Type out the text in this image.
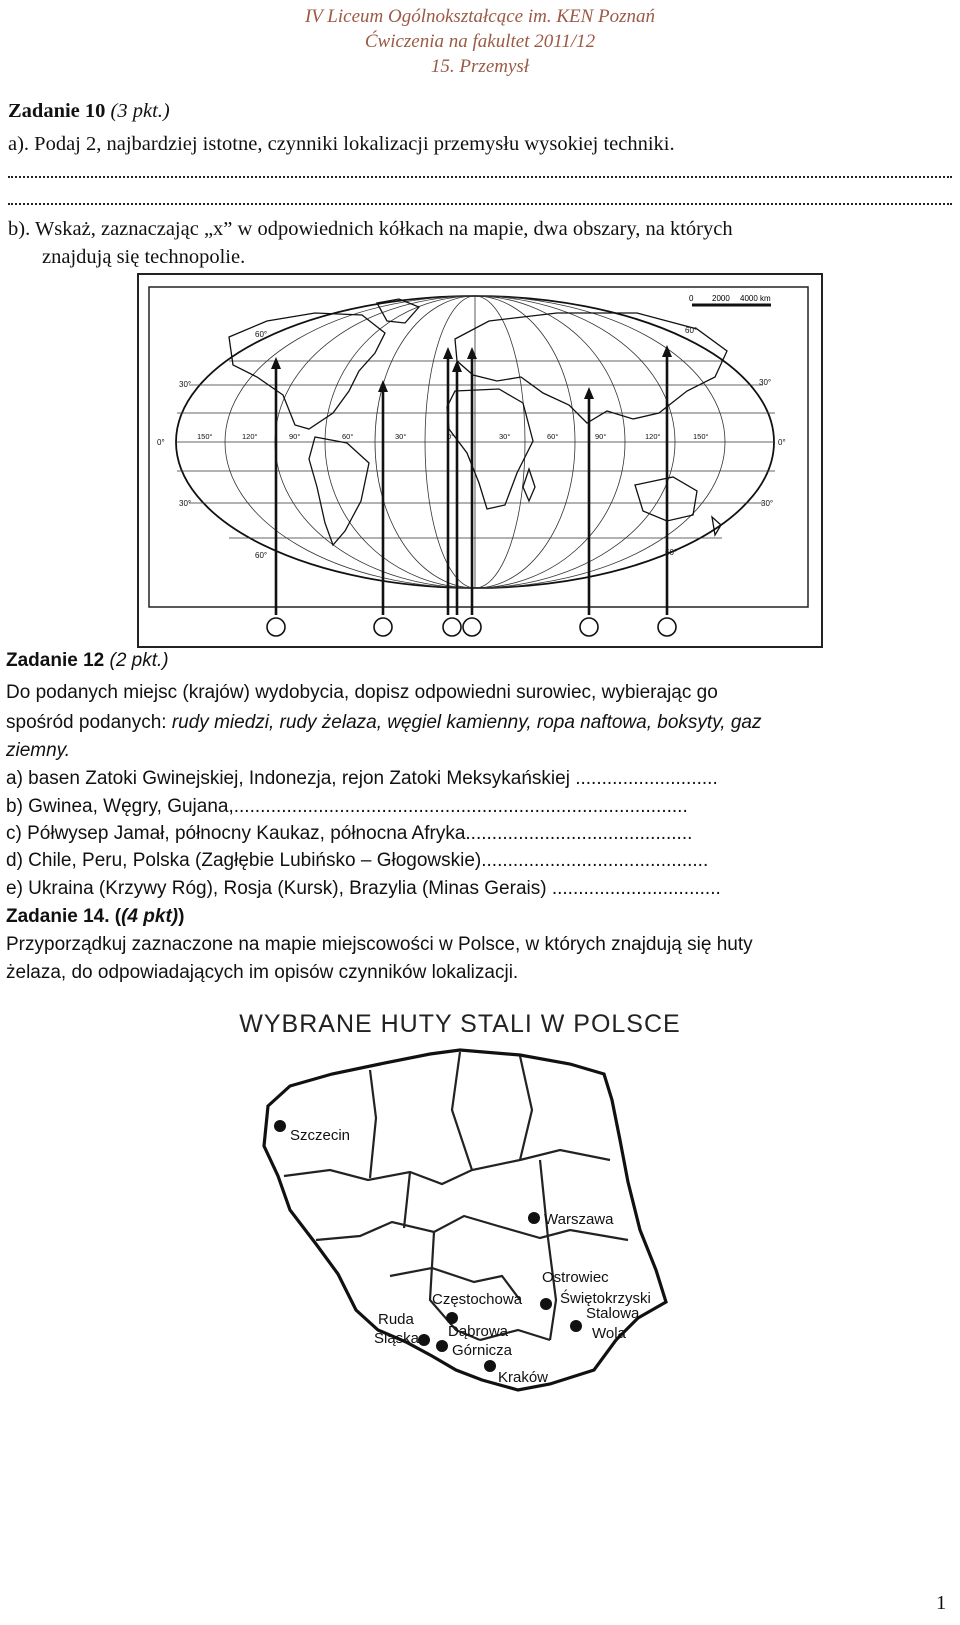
IV Liceum Ogólnokształcące im. KEN Poznań
Ćwiczenia na fakultet 2011/12
15. Przemysł
Zadanie 10 (3 pkt.)
a). Podaj 2, najbardziej istotne, czynniki lokalizacji przemysłu wysokiej techniki.
b). Wskaż, zaznaczając „x” w odpowiednich kółkach na mapie, dwa obszary, na których
znajdują się technopolie.
0 2000 4000 km
60°
30°
0°
30°
60°
60°
30°
0°
30°
60°
150°	120°	90°	60°	30°	0°	30°	60°	90°	120°	150°
Zadanie 12 (2 pkt.)
Do podanych miejsc (krajów) wydobycia, dopisz odpowiedni surowiec, wybierając go
spośród podanych: rudy miedzi, rudy żelaza, węgiel kamienny, ropa naftowa, boksyty, gaz
ziemny.
a) basen Zatoki Gwinejskiej, Indonezja, rejon Zatoki Meksykańskiej ...........................
b) Gwinea, Węgry, Gujana,......................................................................................
c) Półwysep Jamał, północny Kaukaz, północna Afryka...........................................
d) Chile, Peru, Polska (Zagłębie Lubińsko – Głogowskie)...........................................
e) Ukraina (Krzywy Róg), Rosja (Kursk), Brazylia (Minas Gerais) ................................
Zadanie 14. ((4 pkt))
Przyporządkuj zaznaczone na mapie miejscowości w Polsce, w których znajdują się huty
żelaza, do odpowiadających im opisów czynników lokalizacji.
WYBRANE HUTY STALI W POLSCE
Szczecin
Warszawa
Ostrowiec
Świętokrzyski
Częstochowa
Ruda
Śląska Dąbrowa
Górnicza
Stalowa
Wola
Kraków
1
